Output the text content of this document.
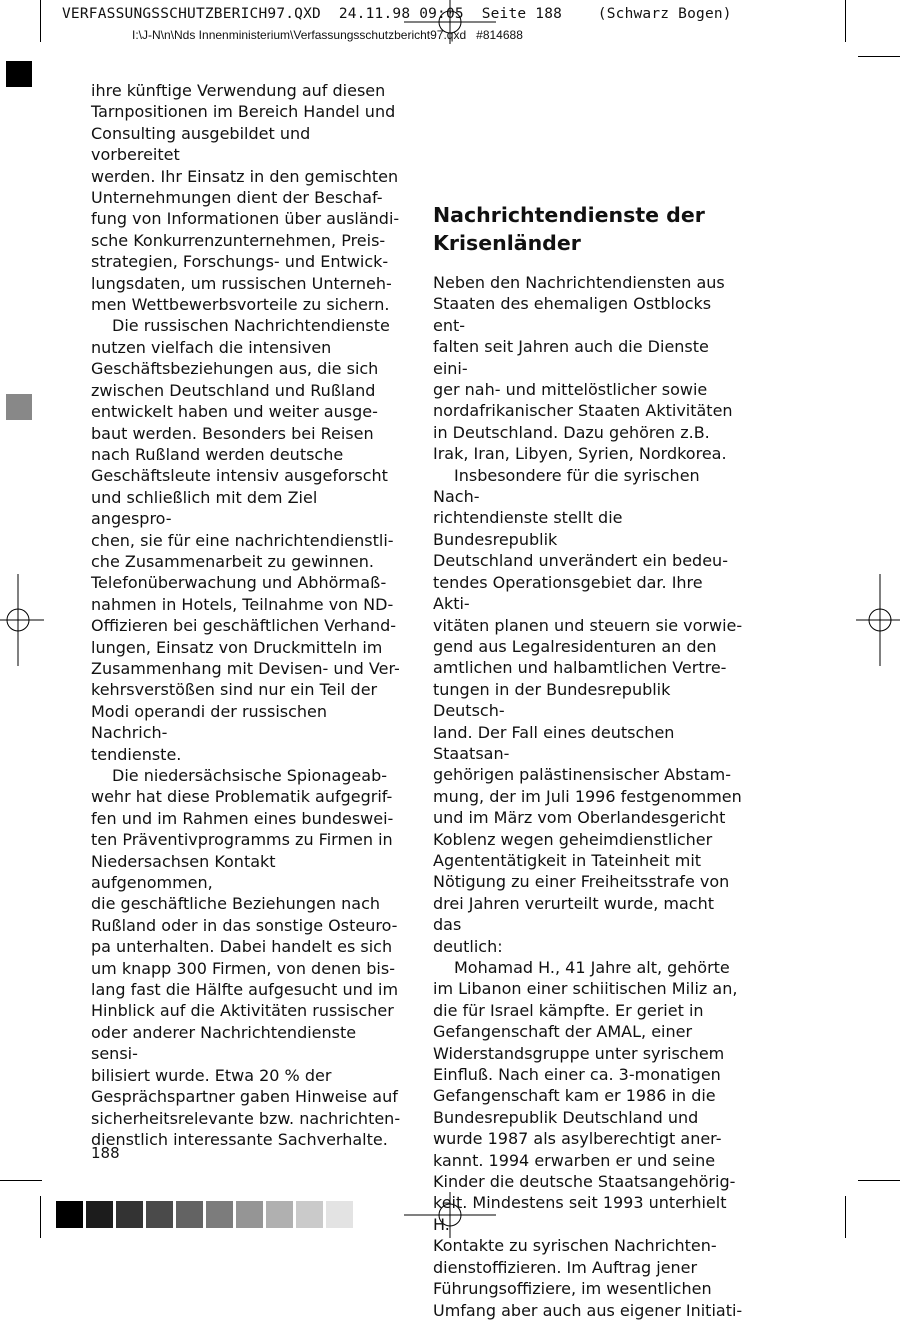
VERFASSUNGSSCHUTZBERICH97.QXD  24.11.98 09:05  Seite 188    (Schwarz Bogen)
I:\J-N\n\Nds Innenministerium\Verfassungsschutzbericht97.qxd   #814688

ihre künftige Verwendung auf diesen
Tarnpositionen im Bereich Handel und
Consulting ausgebildet und vorbereitet
werden. Ihr Einsatz in den gemischten
Unternehmungen dient der Beschaf-
fung von Informationen über ausländi-
sche Konkurrenzunternehmen, Preis-
strategien, Forschungs- und Entwick-
lungsdaten, um russischen Unterneh-
men Wettbewerbsvorteile zu sichern.

Die russischen Nachrichtendienste
nutzen vielfach die intensiven
Geschäftsbeziehungen aus, die sich
zwischen Deutschland und Rußland
entwickelt haben und weiter ausge-
baut werden. Besonders bei Reisen
nach Rußland werden deutsche
Geschäftsleute intensiv ausgeforscht
und schließlich mit dem Ziel angespro-
chen, sie für eine nachrichtendienstli-
che Zusammenarbeit zu gewinnen.
Telefonüberwachung und Abhörmaß-
nahmen in Hotels, Teilnahme von ND-
Offizieren bei geschäftlichen Verhand-
lungen, Einsatz von Druckmitteln im
Zusammenhang mit Devisen- und Ver-
kehrsverstößen sind nur ein Teil der
Modi operandi der russischen Nachrich-
tendienste.

Die niedersächsische Spionageab-
wehr hat diese Problematik aufgegrif-
fen und im Rahmen eines bundeswei-
ten Präventivprogramms zu Firmen in
Niedersachsen Kontakt aufgenommen,
die geschäftliche Beziehungen nach
Rußland oder in das sonstige Osteuro-
pa unterhalten. Dabei handelt es sich
um knapp 300 Firmen, von denen bis-
lang fast die Hälfte aufgesucht und im
Hinblick auf die Aktivitäten russischer
oder anderer Nachrichtendienste sensi-
bilisiert wurde. Etwa 20 % der
Gesprächspartner gaben Hinweise auf
sicherheitsrelevante bzw. nachrichten-
dienstlich interessante Sachverhalte.

Nachrichtendienste der
Krisenländer

Neben den Nachrichtendiensten aus
Staaten des ehemaligen Ostblocks ent-
falten seit Jahren auch die Dienste eini-
ger nah- und mittelöstlicher sowie
nordafrikanischer Staaten Aktivitäten
in Deutschland. Dazu gehören z.B.
Irak, Iran, Libyen, Syrien, Nordkorea.

Insbesondere für die syrischen Nach-
richtendienste stellt die Bundesrepublik
Deutschland unverändert ein bedeu-
tendes Operationsgebiet dar. Ihre Akti-
vitäten planen und steuern sie vorwie-
gend aus Legalresidenturen an den
amtlichen und halbamtlichen Vertre-
tungen in der Bundesrepublik Deutsch-
land. Der Fall eines deutschen Staatsan-
gehörigen palästinensischer Abstam-
mung, der im Juli 1996 festgenommen
und im März vom Oberlandesgericht
Koblenz wegen geheimdienstlicher
Agententätigkeit in Tateinheit mit
Nötigung zu einer Freiheitsstrafe von
drei Jahren verurteilt wurde, macht das
deutlich:

Mohamad H., 41 Jahre alt, gehörte
im Libanon einer schiitischen Miliz an,
die für Israel kämpfte. Er geriet in
Gefangenschaft der AMAL, einer
Widerstandsgruppe unter syrischem
Einfluß. Nach einer ca. 3-monatigen
Gefangenschaft kam er 1986 in die
Bundesrepublik Deutschland und
wurde 1987 als asylberechtigt aner-
kannt. 1994 erwarben er und seine
Kinder die deutsche Staatsangehörig-
keit. Mindestens seit 1993 unterhielt H.
Kontakte zu syrischen Nachrichten-
dienstoffizieren. Im Auftrag jener
Führungsoffiziere, im wesentlichen
Umfang aber auch aus eigener Initiati-

188
